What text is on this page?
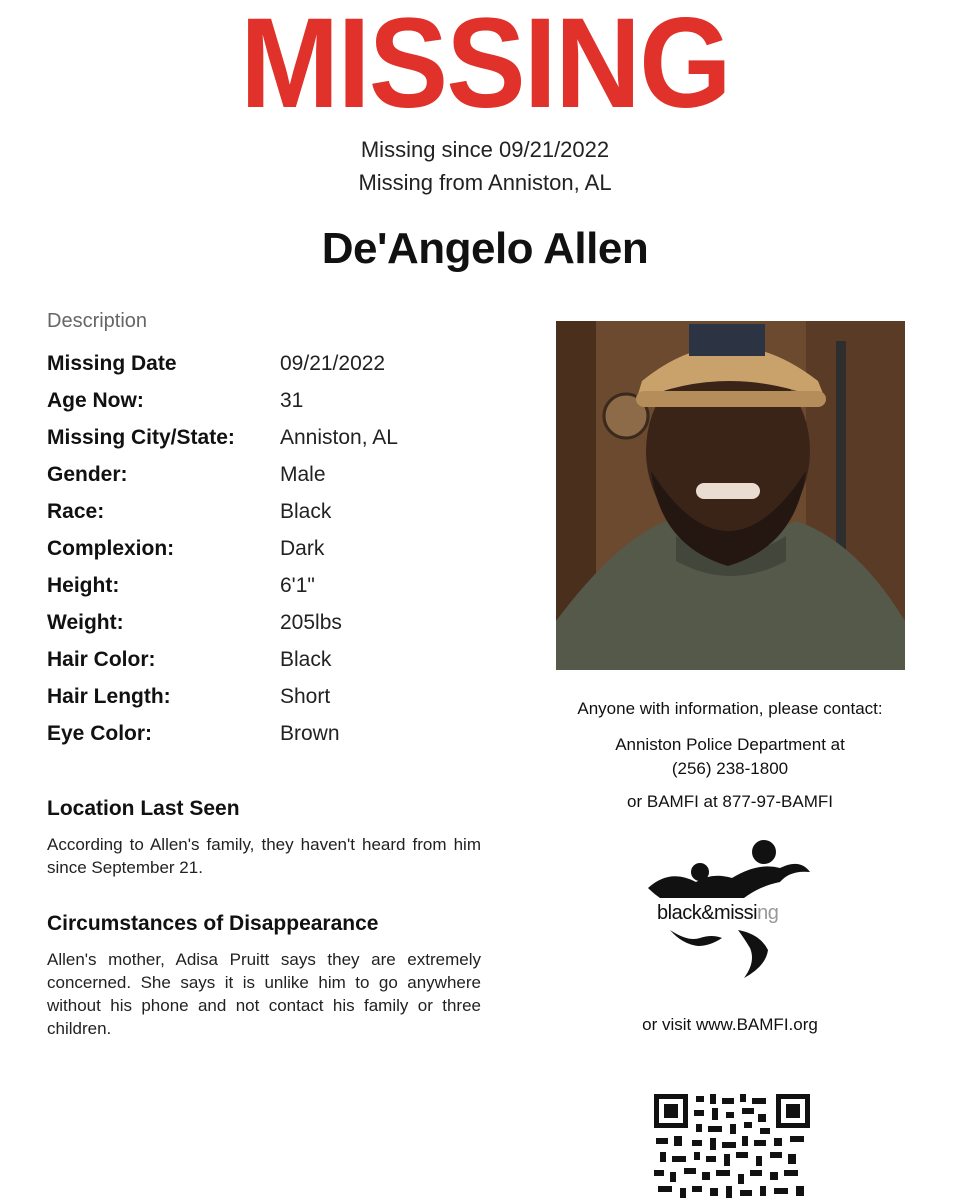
MISSING
Missing since 09/21/2022
Missing from Anniston, AL
De'Angelo Allen
Description
Missing Date	09/21/2022
Age Now:	31
Missing City/State: Anniston, AL
Gender:	Male
Race:	Black
Complexion:	Dark
Height:	6'1"
Weight:	205lbs
Hair Color:	Black
Hair Length:	Short
Eye Color:	Brown
Location Last Seen
According to Allen's family, they haven't heard from him since September 21.
Circumstances of Disappearance
Allen's mother, Adisa Pruitt says they are extremely concerned. She says it is unlike him to go anywhere without his phone and not contact his family or three children.
Anyone with information, please contact:
Anniston Police Department at
(256) 238-1800
or BAMFI at 877-97-BAMFI
black&missing
or visit www.BAMFI.org
